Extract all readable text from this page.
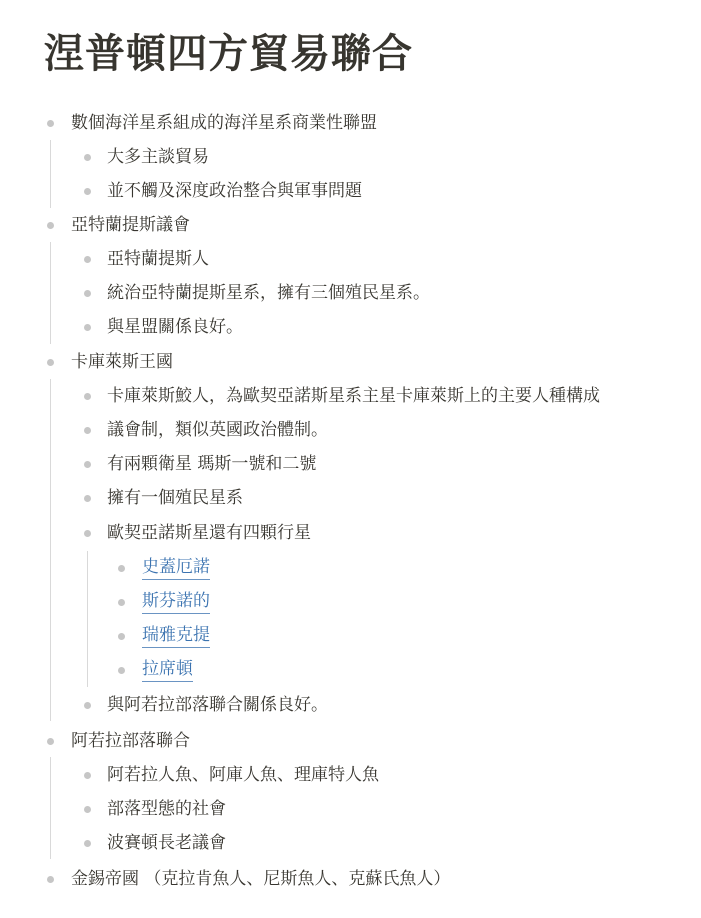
涅普頓四方貿易聯合
數個海洋星系組成的海洋星系商業性聯盟
大多主談貿易
並不觸及深度政治整合與軍事問題
亞特蘭提斯議會
亞特蘭提斯人
統治亞特蘭提斯星系，擁有三個殖民星系。
與星盟關係良好。
卡庫萊斯王國
卡庫萊斯鮫人，為歐契亞諾斯星系主星卡庫萊斯上的主要人種構成
議會制，類似英國政治體制。
有兩顆衛星 瑪斯一號和二號
擁有一個殖民星系
歐契亞諾斯星還有四顆行星
史蓋厄諾
斯芬諾的
瑞雅克提
拉席頓
與阿若拉部落聯合關係良好。
阿若拉部落聯合
阿若拉人魚、阿庫人魚、理庫特人魚
部落型態的社會
波賽頓長老議會
金錫帝國 （克拉肯魚人、尼斯魚人、克蘇氏魚人）
